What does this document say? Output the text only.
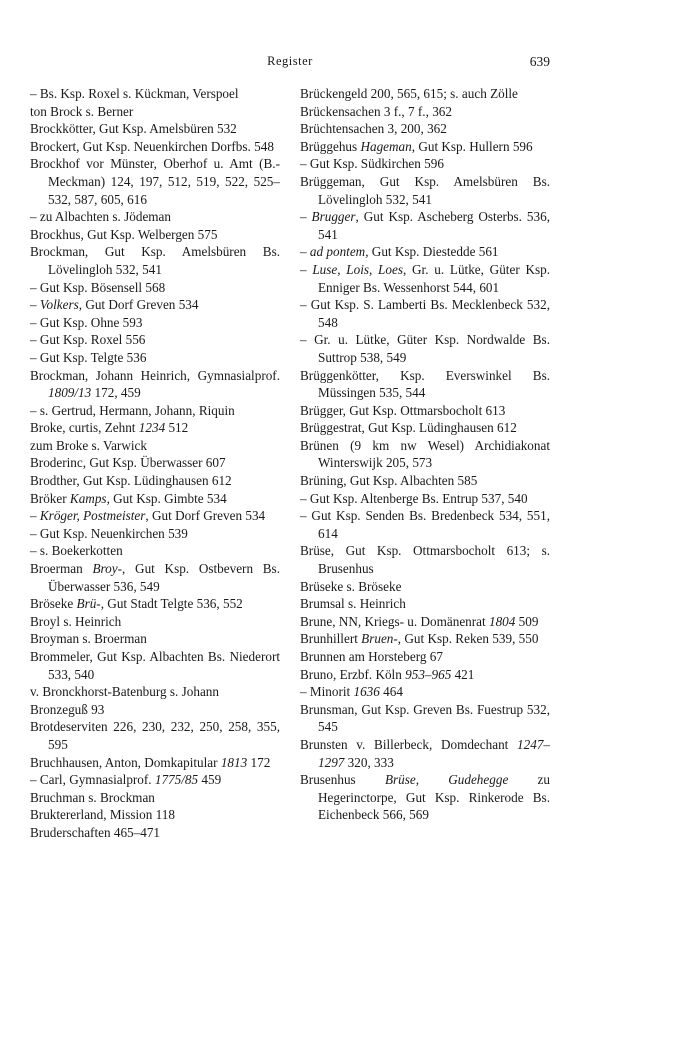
Register	639
– Bs. Ksp. Roxel s. Kückman, Verspoel
ton Brock s. Berner
Brockkötter, Gut Ksp. Amelsbüren 532
Brockert, Gut Ksp. Neuenkirchen Dorfbs. 548
Brockhof vor Münster, Oberhof u. Amt (B.-Meckman) 124, 197, 512, 519, 522, 525–532, 587, 605, 616
– zu Albachten s. Jödeman
Brockhus, Gut Ksp. Welbergen 575
Brockman, Gut Ksp. Amelsbüren Bs. Lövelingloh 532, 541
– Gut Ksp. Bösensell 568
– Volkers, Gut Dorf Greven 534
– Gut Ksp. Ohne 593
– Gut Ksp. Roxel 556
– Gut Ksp. Telgte 536
Brockman, Johann Heinrich, Gymnasialprof. 1809/13 172, 459
– s. Gertrud, Hermann, Johann, Riquin
Broke, curtis, Zehnt 1234 512
zum Broke s. Varwick
Broderinc, Gut Ksp. Überwasser 607
Brodther, Gut Ksp. Lüdinghausen 612
Bröker Kamps, Gut Ksp. Gimbte 534
– Kröger, Postmeister, Gut Dorf Greven 534
– Gut Ksp. Neuenkirchen 539
– s. Boekerkotten
Broerman Broy-, Gut Ksp. Ostbevern Bs. Überwasser 536, 549
Bröseke Brü-, Gut Stadt Telgte 536, 552
Broyl s. Heinrich
Broyman s. Broerman
Brommeler, Gut Ksp. Albachten Bs. Niederort 533, 540
v. Bronckhorst-Batenburg s. Johann
Bronzeguß 93
Brotdeserviten 226, 230, 232, 250, 258, 355, 595
Bruchhausen, Anton, Domkapitular 1813 172
– Carl, Gymnasialprof. 1775/85 459
Bruchman s. Brockman
Bruktererland, Mission 118
Bruderschaften 465–471
Brückengeld 200, 565, 615; s. auch Zölle
Brückensachen 3 f., 7 f., 362
Brüchtensachen 3, 200, 362
Brüggehus Hageman, Gut Ksp. Hullern 596
– Gut Ksp. Südkirchen 596
Brüggeman, Gut Ksp. Amelsbüren Bs. Lövelingloh 532, 541
– Brugger, Gut Ksp. Ascheberg Osterbs. 536, 541
– ad pontem, Gut Ksp. Diestedde 561
– Luse, Lois, Loes, Gr. u. Lütke, Güter Ksp. Enniger Bs. Wessenhorst 544, 601
– Gut Ksp. S. Lamberti Bs. Mecklenbeck 532, 548
– Gr. u. Lütke, Güter Ksp. Nordwalde Bs. Suttrop 538, 549
Brüggenkötter, Ksp. Everswinkel Bs. Müssingen 535, 544
Brügger, Gut Ksp. Ottmarsbocholt 613
Brüggestrat, Gut Ksp. Lüdinghausen 612
Brünen (9 km nw Wesel) Archidiakonat Winterswijk 205, 573
Brüning, Gut Ksp. Albachten 585
– Gut Ksp. Altenberge Bs. Entrup 537, 540
– Gut Ksp. Senden Bs. Bredenbeck 534, 551, 614
Brüse, Gut Ksp. Ottmarsbocholt 613; s. Brusenhus
Brüseke s. Bröseke
Brumsal s. Heinrich
Brune, NN, Kriegs- u. Domänenrat 1804 509
Brunhillert Bruen-, Gut Ksp. Reken 539, 550
Brunnen am Horsteberg 67
Bruno, Erzbf. Köln 953–965 421
– Minorit 1636 464
Brunsman, Gut Ksp. Greven Bs. Fuestrup 532, 545
Brunsten v. Billerbeck, Domdechant 1247–1297 320, 333
Brusenhus Brüse, Gudehegge zu Hegerinctorpe, Gut Ksp. Rinkerode Bs. Eichenbeck 566, 569
